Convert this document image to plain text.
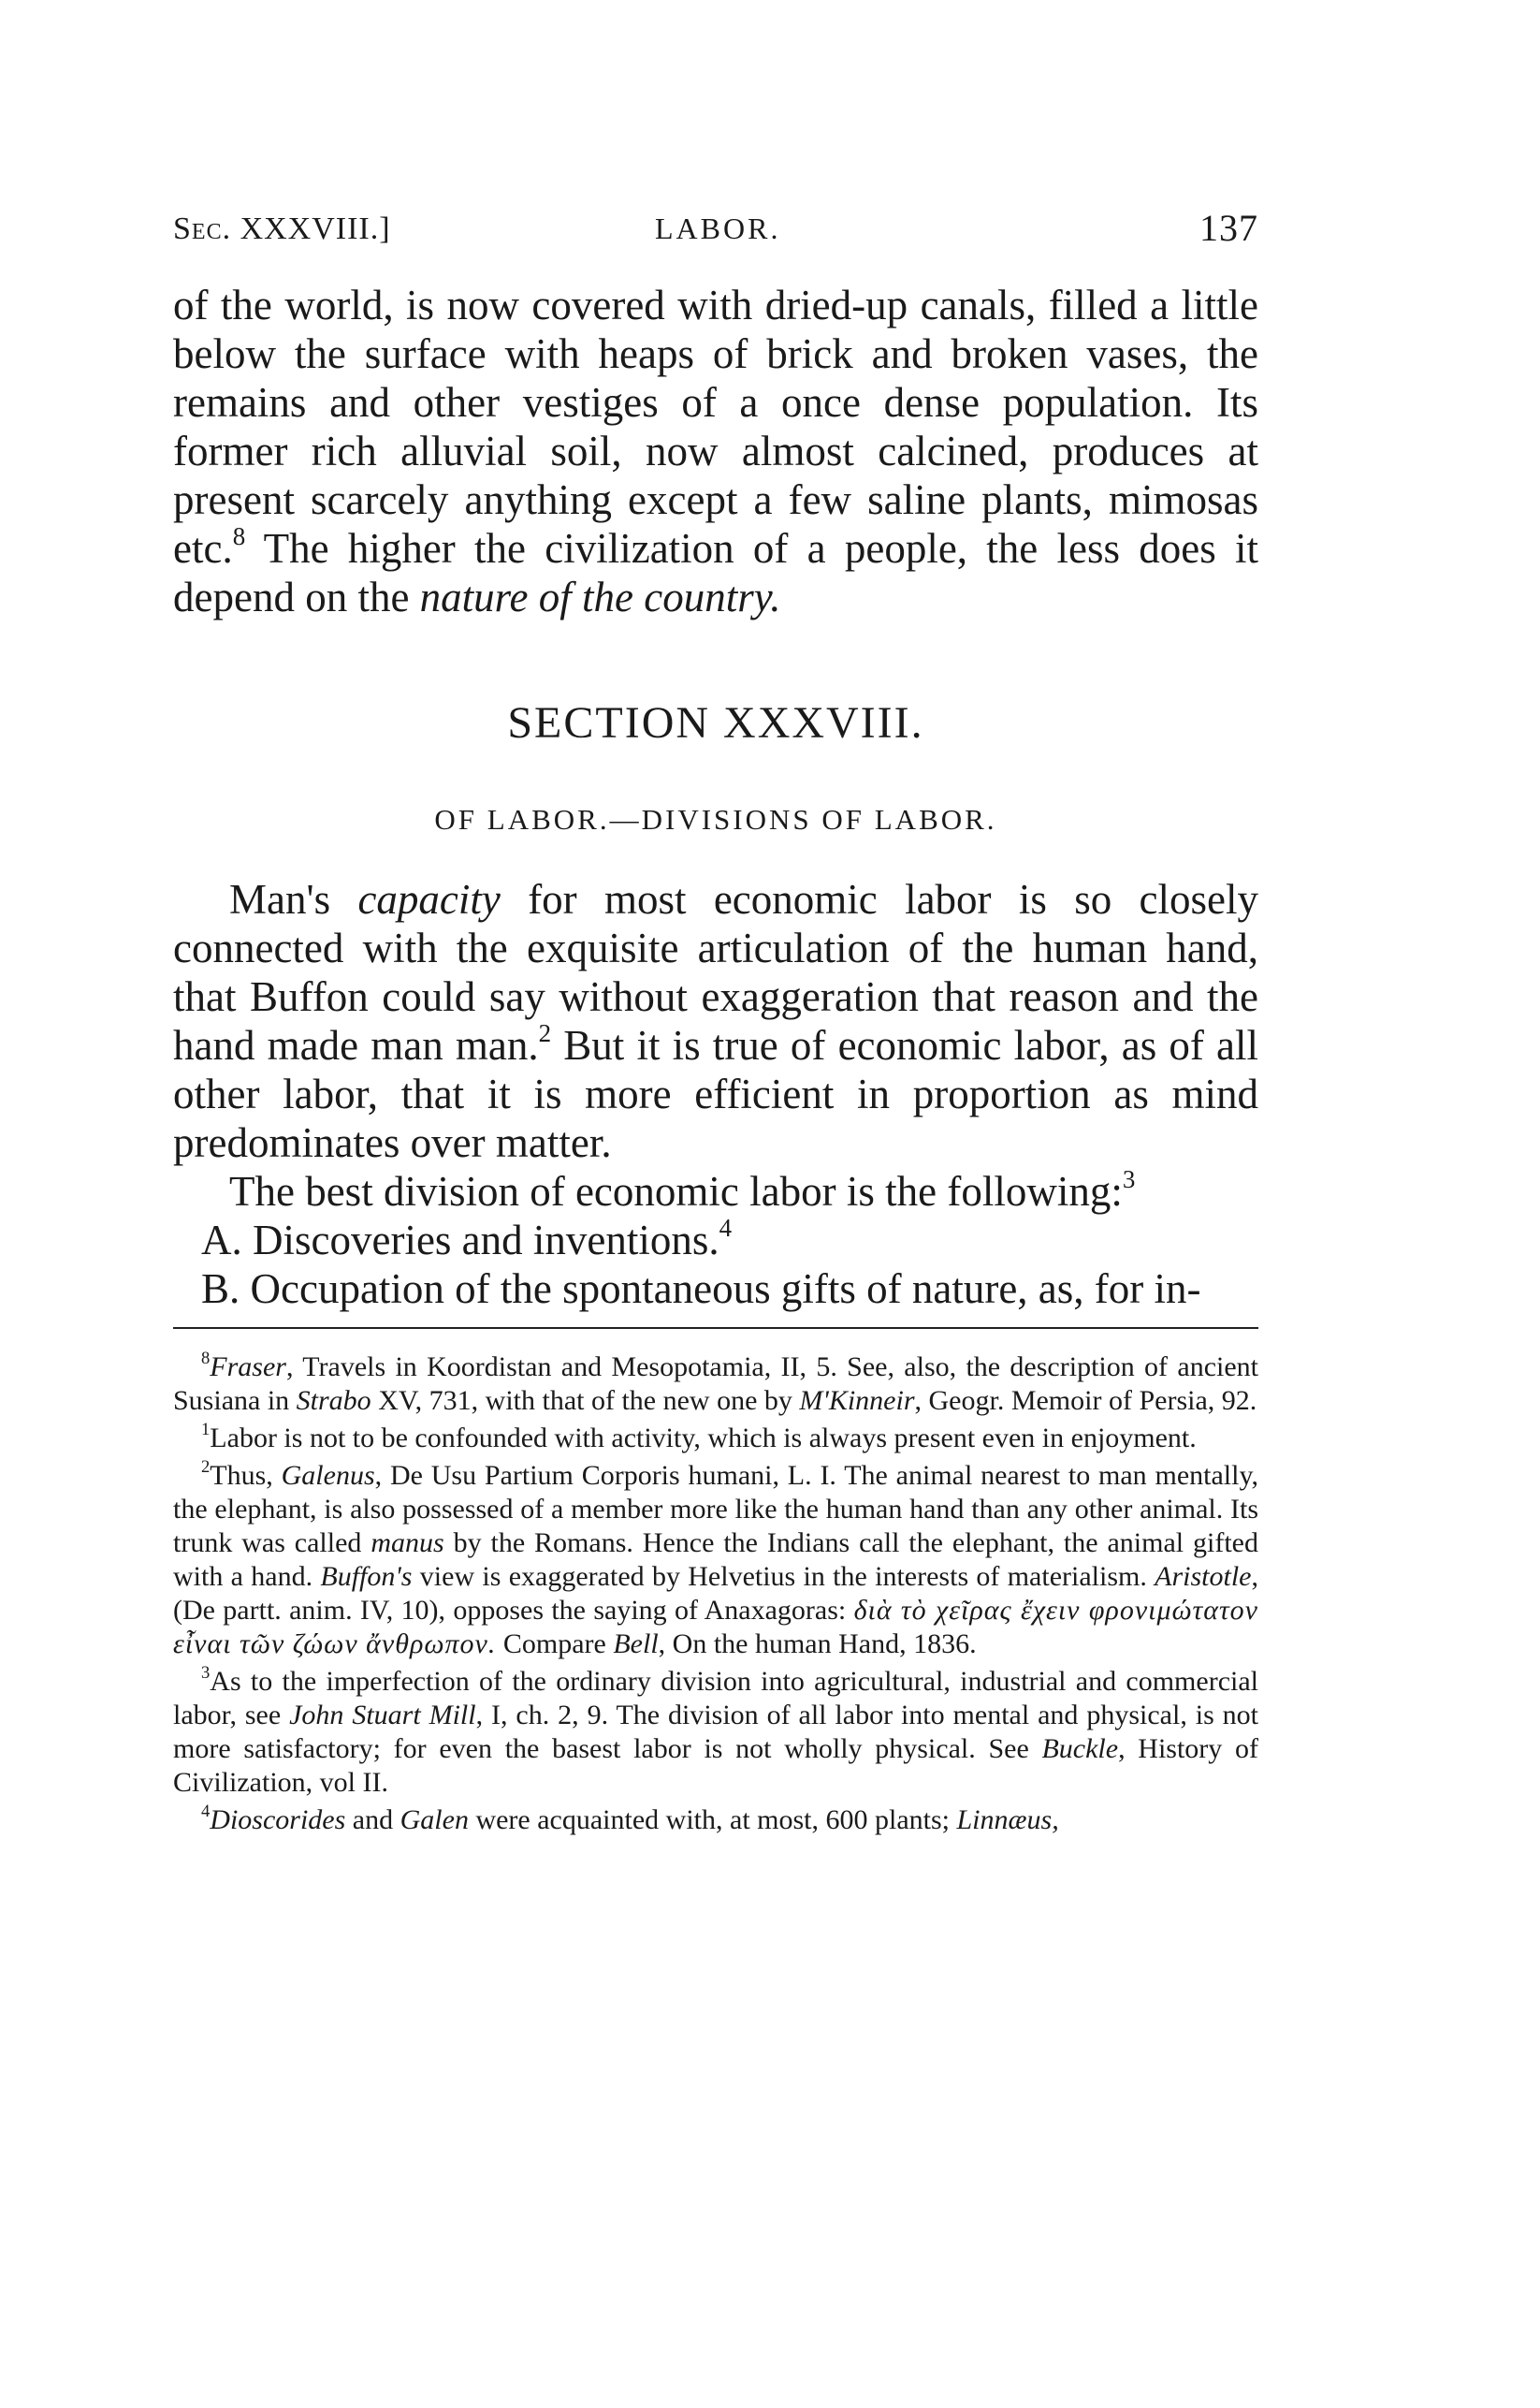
Sec. XXXVIII.]	LABOR.	137

of the world, is now covered with dried-up canals, filled a little below the surface with heaps of brick and broken vases, the remains and other vestiges of a once dense population. Its former rich alluvial soil, now almost calcined, produces at present scarcely anything except a few saline plants, mimosas etc.$^8$ The higher the civilization of a people, the less does it depend on the nature of the country.

SECTION XXXVIII.
OF LABOR.—DIVISIONS OF LABOR.

Man's capacity for most economic labor is so closely connected with the exquisite articulation of the human hand, that Buffon could say without exaggeration that reason and the hand made man man.$^2$ But it is true of economic labor, as of all other labor, that it is more efficient in proportion as mind predominates over matter.

The best division of economic labor is the following:$^3$

A. Discoveries and inventions.$^4$

B. Occupation of the spontaneous gifts of nature, as, for in-

$^8$Fraser, Travels in Koordistan and Mesopotamia, II, 5. See, also, the description of ancient Susiana in Strabo XV, 731, with that of the new one by M'Kinneir, Geogr. Memoir of Persia, 92.

$^1$Labor is not to be confounded with activity, which is always present even in enjoyment.

$^2$Thus, Galenus, De Usu Partium Corporis humani, L. I. The animal nearest to man mentally, the elephant, is also possessed of a member more like the human hand than any other animal. Its trunk was called manus by the Romans. Hence the Indians call the elephant, the animal gifted with a hand. Buffon's view is exaggerated by Helvetius in the interests of materialism. Aristotle, (De partt. anim. IV, 10), opposes the saying of Anaxagoras: διὰ τὸ χεῖρας ἔχειν φρονιμώτατον εἶναι τῶν ζώων ἄνθρωπον. Compare Bell, On the human Hand, 1836.

$^3$As to the imperfection of the ordinary division into agricultural, industrial and commercial labor, see John Stuart Mill, I, ch. 2, 9. The division of all labor into mental and physical, is not more satisfactory; for even the basest labor is not wholly physical. See Buckle, History of Civilization, vol II.

$^4$Dioscorides and Galen were acquainted with, at most, 600 plants; Linnæus,
